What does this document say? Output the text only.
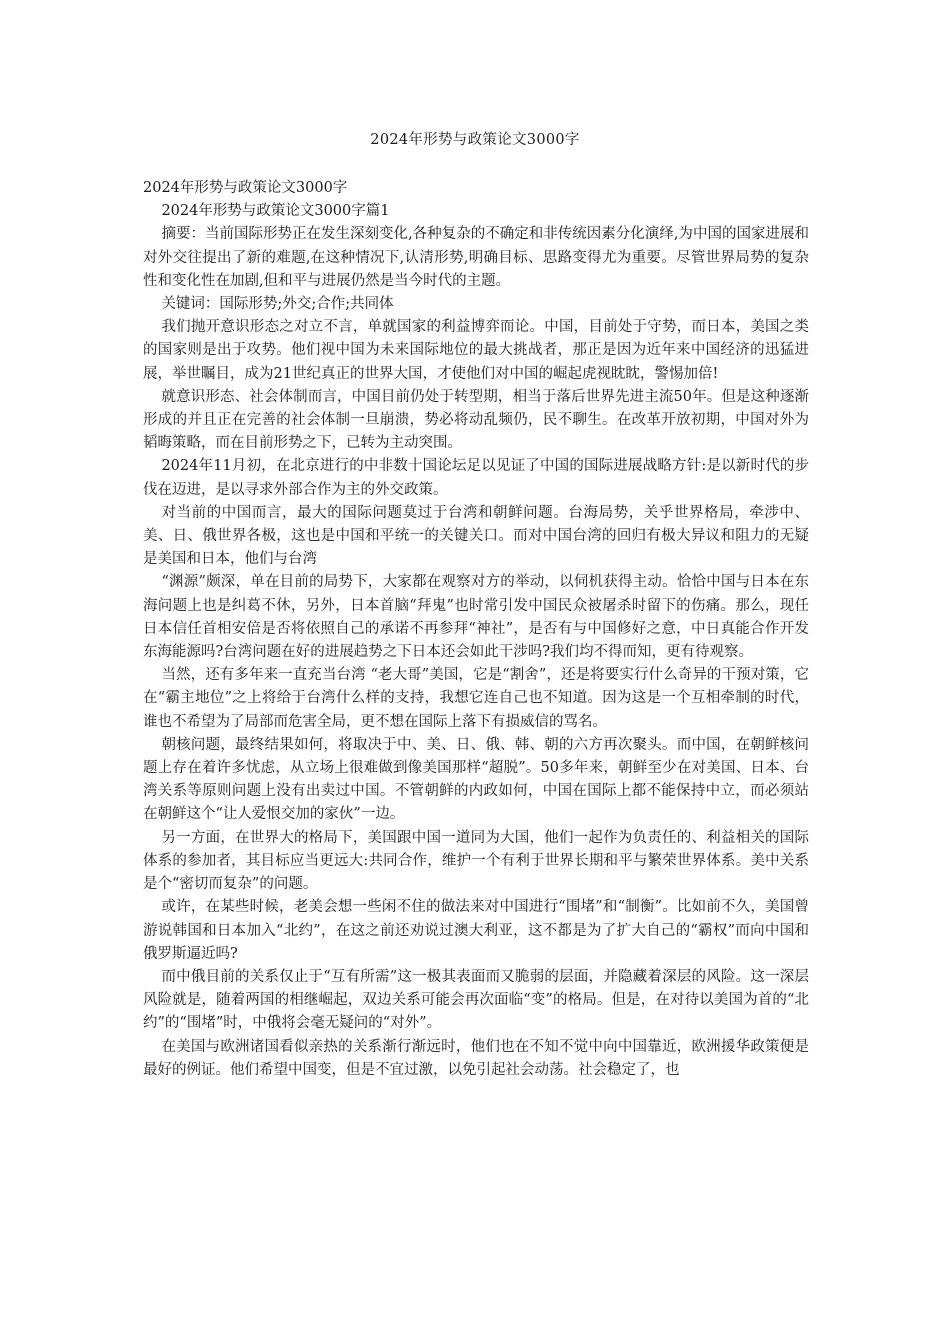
2024年形势与政策论文3000字

2024年形势与政策论文3000字

2024年形势与政策论文3000字篇1

摘要：当前国际形势正在发生深刻变化,各种复杂的不确定和非传统因素分化演绎,为中国的国家进展和对外交往提出了新的难题,在这种情况下,认清形势,明确目标、思路变得尤为重要。尽管世界局势的复杂性和变化性在加剧,但和平与进展仍然是当今时代的主题。

关键词：国际形势;外交;合作;共同体

我们抛开意识形态之对立不言，单就国家的利益博弈而论。中国，目前处于守势，而日本，美国之类的国家则是出于攻势。他们视中国为未来国际地位的最大挑战者，那正是因为近年来中国经济的迅猛进展，举世瞩目，成为21世纪真正的世界大国，才使他们对中国的崛起虎视眈眈，警惕加倍!

就意识形态、社会体制而言，中国目前仍处于转型期，相当于落后世界先进主流50年。但是这种逐渐形成的并且正在完善的社会体制一旦崩溃，势必将动乱频仍，民不聊生。在改革开放初期，中国对外为韬晦策略，而在目前形势之下，已转为主动突围。

2024年11月初，在北京进行的中非数十国论坛足以见证了中国的国际进展战略方针:是以新时代的步伐在迈进，是以寻求外部合作为主的外交政策。

对当前的中国而言，最大的国际问题莫过于台湾和朝鲜问题。台海局势，关乎世界格局，牵涉中、美、日、俄世界各极，这也是中国和平统一的关键关口。而对中国台湾的回归有极大异议和阻力的无疑是美国和日本，他们与台湾

“渊源”颇深，单在目前的局势下，大家都在观察对方的举动，以伺机获得主动。恰恰中国与日本在东海问题上也是纠葛不休，另外，日本首脑“拜鬼”也时常引发中国民众被屠杀时留下的伤痛。那么，现任日本信任首相安倍是否将依照自己的承诺不再参拜“神社”，是否有与中国修好之意，中日真能合作开发东海能源吗?台湾问题在好的进展趋势之下日本还会如此干涉吗?我们均不得而知，更有待观察。

当然，还有多年来一直充当台湾 “老大哥”美国，它是“割舍”，还是将要实行什么奇异的干预对策，它在“霸主地位”之上将给于台湾什么样的支持，我想它连自己也不知道。因为这是一个互相牵制的时代，谁也不希望为了局部而危害全局，更不想在国际上落下有损威信的骂名。

朝核问题，最终结果如何，将取决于中、美、日、俄、韩、朝的六方再次聚头。而中国，在朝鲜核问题上存在着许多忧虑，从立场上很难做到像美国那样“超脱”。50多年来，朝鲜至少在对美国、日本、台湾关系等原则问题上没有出卖过中国。不管朝鲜的内政如何，中国在国际上都不能保持中立，而必须站在朝鲜这个“让人爱恨交加的家伙”一边。

另一方面，在世界大的格局下，美国跟中国一道同为大国，他们一起作为负责任的、利益相关的国际体系的参加者，其目标应当更远大:共同合作，维护一个有利于世界长期和平与繁荣世界体系。美中关系是个“密切而复杂”的问题。

或许，在某些时候，老美会想一些闲不住的做法来对中国进行“围堵”和“制衡”。比如前不久，美国曾游说韩国和日本加入“北约”，在这之前还劝说过澳大利亚，这不都是为了扩大自己的“霸权”而向中国和俄罗斯逼近吗?

而中俄目前的关系仅止于“互有所需”这一极其表面而又脆弱的层面，并隐藏着深层的风险。这一深层风险就是，随着两国的相继崛起，双边关系可能会再次面临“变”的格局。但是，在对待以美国为首的“北约”的“围堵”时，中俄将会毫无疑问的“对外”。

在美国与欧洲诸国看似亲热的关系渐行渐远时，他们也在不知不觉中向中国靠近，欧洲援华政策便是最好的例证。他们希望中国变，但是不宜过激，以免引起社会动荡。社会稳定了，也
